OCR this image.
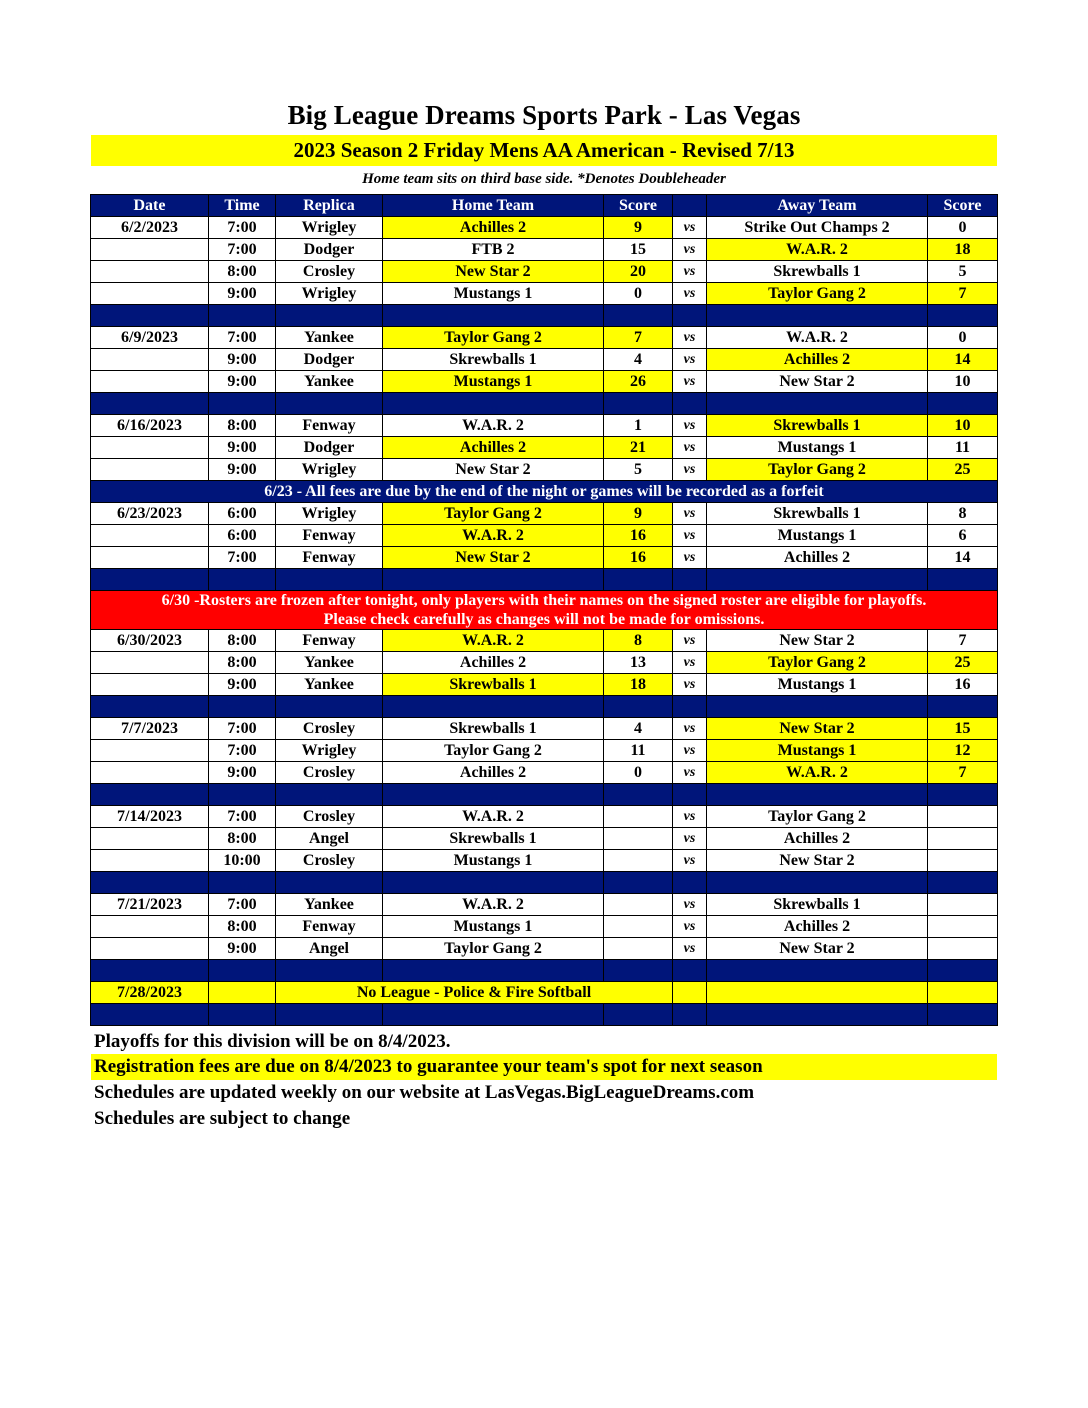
Big League Dreams Sports Park - Las Vegas
2023 Season 2 Friday Mens AA American - Revised 7/13
Home team sits on third base side. *Denotes Doubleheader
Date	Time	Replica	Home Team	Score		Away Team	Score
6/2/2023	7:00	Wrigley	Achilles 2	9	vs	Strike Out Champs 2	0
	7:00	Dodger	FTB 2	15	vs	W.A.R. 2	18
	8:00	Crosley	New Star 2	20	vs	Skrewballs 1	5
	9:00	Wrigley	Mustangs 1	0	vs	Taylor Gang 2	7

6/9/2023	7:00	Yankee	Taylor Gang 2	7	vs	W.A.R. 2	0
	9:00	Dodger	Skrewballs 1	4	vs	Achilles 2	14
	9:00	Yankee	Mustangs 1	26	vs	New Star 2	10

6/16/2023	8:00	Fenway	W.A.R. 2	1	vs	Skrewballs 1	10
	9:00	Dodger	Achilles 2	21	vs	Mustangs 1	11
	9:00	Wrigley	New Star 2	5	vs	Taylor Gang 2	25
6/23 - All fees are due by the end of the night or games will be recorded as a forfeit							
6/23/2023	6:00	Wrigley	Taylor Gang 2	9	vs	Skrewballs 1	8
	6:00	Fenway	W.A.R. 2	16	vs	Mustangs 1	6
	7:00	Fenway	New Star 2	16	vs	Achilles 2	14

6/30 -Rosters are frozen after tonight, only players with their names on the signed roster are eligible for playoffs.
Please check carefully as changes will not be made for omissions.							

6/30/2023	8:00	Fenway	W.A.R. 2	8	vs	New Star 2	7
	8:00	Yankee	Achilles 2	13	vs	Taylor Gang 2	25
	9:00	Yankee	Skrewballs 1	18	vs	Mustangs 1	16

7/7/2023	7:00	Crosley	Skrewballs 1	4	vs	New Star 2	15
	7:00	Wrigley	Taylor Gang 2	11	vs	Mustangs 1	12
	9:00	Crosley	Achilles 2	0	vs	W.A.R. 2	7

7/14/2023	7:00	Crosley	W.A.R. 2		vs	Taylor Gang 2	
	8:00	Angel	Skrewballs 1		vs	Achilles 2	
	10:00	Crosley	Mustangs 1		vs	New Star 2	

7/21/2023	7:00	Yankee	W.A.R. 2		vs	Skrewballs 1	
	8:00	Fenway	Mustangs 1		vs	Achilles 2	
	9:00	Angel	Taylor Gang 2		vs	New Star 2	

7/28/2023		No League - Police & Fire Softball					

Playoffs for this division will be on 8/4/2023.
Registration fees are due on 8/4/2023 to guarantee your team's spot for next season
Schedules are updated weekly on our website at LasVegas.BigLeagueDreams.com
Schedules are subject to change
